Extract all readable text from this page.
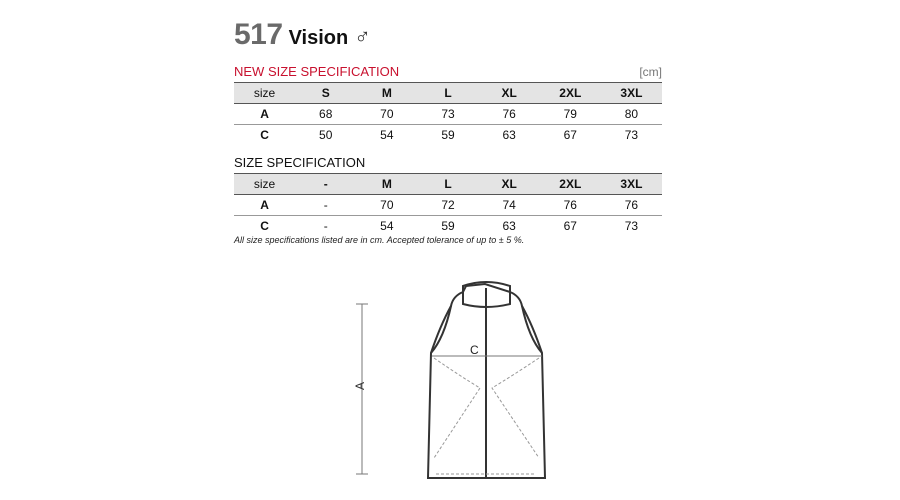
517 Vision ♂
NEW SIZE SPECIFICATION	[cm]
size	S	M	L	XL	2XL	3XL
A	68	70	73	76	79	80
C	50	54	59	63	67	73
SIZE SPECIFICATION
size	-	M	L	XL	2XL	3XL
A	-	70	72	74	76	76
C	-	54	59	63	67	73
All size specifications listed are in cm. Accepted tolerance of up to ± 5 %.
A
C
